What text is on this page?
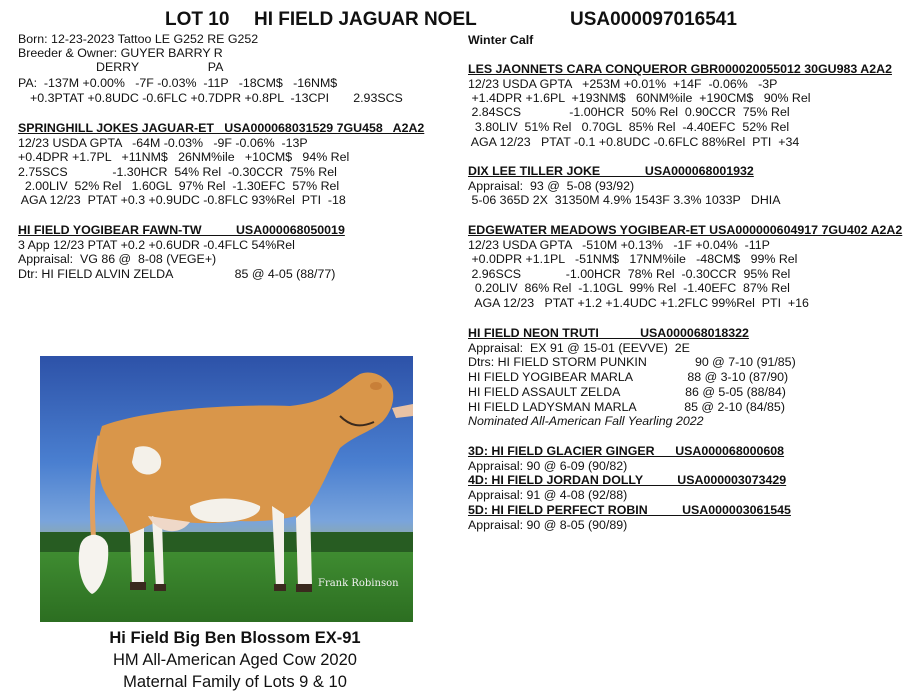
LOT 10 HI FIELD JAGUAR NOEL	USA000097016541
Born: 12-23-2023 Tattoo LE G252 RE G252
Breeder & Owner: GUYER BARRY R
DERRY                    PA
PA:  -137M +0.00%   -7F -0.03%  -11P   -18CM$   -16NM$
+0.3PTAT +0.8UDC -0.6FLC +0.7DPR +0.8PL  -13CPI       2.93SCS
Winter Calf
SPRINGHILL JOKES JAGUAR-ET   USA000068031529 7GU458   A2A2
12/23 USDA GPTA   -64M -0.03%   -9F -0.06%  -13P
+0.4DPR +1.7PL   +11NM$   26NM%ile   +10CM$   94% Rel
2.75SCS             -1.30HCR  54% Rel  -0.30CCR  75% Rel
2.00LIV  52% Rel   1.60GL  97% Rel  -1.30EFC  57% Rel
AGA 12/23  PTAT +0.3 +0.9UDC -0.8FLC 93%Rel  PTI  -18
HI FIELD YOGIBEAR FAWN-TW          USA000068050019
3 App 12/23 PTAT +0.2 +0.6UDR -0.4FLC 54%Rel
Appraisal:  VG 86 @  8-08 (VEGE+)
Dtr: HI FIELD ALVIN ZELDA                  85 @ 4-05 (88/77)
LES JAONNETS CARA CONQUEROR GBR000020055012 30GU983 A2A2
12/23 USDA GPTA   +253M +0.01%  +14F  -0.06%   -3P
+1.4DPR +1.6PL  +193NM$   60NM%ile  +190CM$   90% Rel
2.84SCS              -1.00HCR  50% Rel  0.90CCR  75% Rel
3.80LIV  51% Rel   0.70GL  85% Rel  -4.40EFC  52% Rel
AGA 12/23   PTAT -0.1 +0.8UDC -0.6FLC 88%Rel  PTI  +34
DIX LEE TILLER JOKE             USA000068001932
Appraisal:  93 @  5-08 (93/92)
5-06 365D 2X  31350M 4.9% 1543F 3.3% 1033P   DHIA
EDGEWATER MEADOWS YOGIBEAR-ET USA000000604917 7GU402 A2A2
12/23 USDA GPTA   -510M +0.13%   -1F +0.04%  -11P
+0.0DPR +1.1PL   -51NM$   17NM%ile   -48CM$   99% Rel
2.96SCS             -1.00HCR  78% Rel  -0.30CCR  95% Rel
0.20LIV  86% Rel  -1.10GL  99% Rel  -1.40EFC  87% Rel
AGA 12/23   PTAT +1.2 +1.4UDC +1.2FLC 99%Rel  PTI  +16
HI FIELD NEON TRUTI            USA000068018322
Appraisal:  EX 91 @ 15-01 (EEVVE)  2E
Dtrs: HI FIELD STORM PUNKIN              90 @ 7-10 (91/85)
HI FIELD YOGIBEAR MARLA                88 @ 3-10 (87/90)
HI FIELD ASSAULT ZELDA                   86 @ 5-05 (88/84)
HI FIELD LADYSMAN MARLA              85 @ 2-10 (84/85)
Nominated All-American Fall Yearling 2022
3D: HI FIELD GLACIER GINGER      USA000068000608
Appraisal: 90 @ 6-09 (90/82)
4D: HI FIELD JORDAN DOLLY          USA000003073429
Appraisal: 91 @ 4-08 (92/88)
5D: HI FIELD PERFECT ROBIN          USA000003061545
Appraisal: 90 @ 8-05 (90/89)
Frank Robinson
Hi Field Big Ben Blossom EX-91
HM All-American Aged Cow 2020
Maternal Family of Lots 9 & 10
